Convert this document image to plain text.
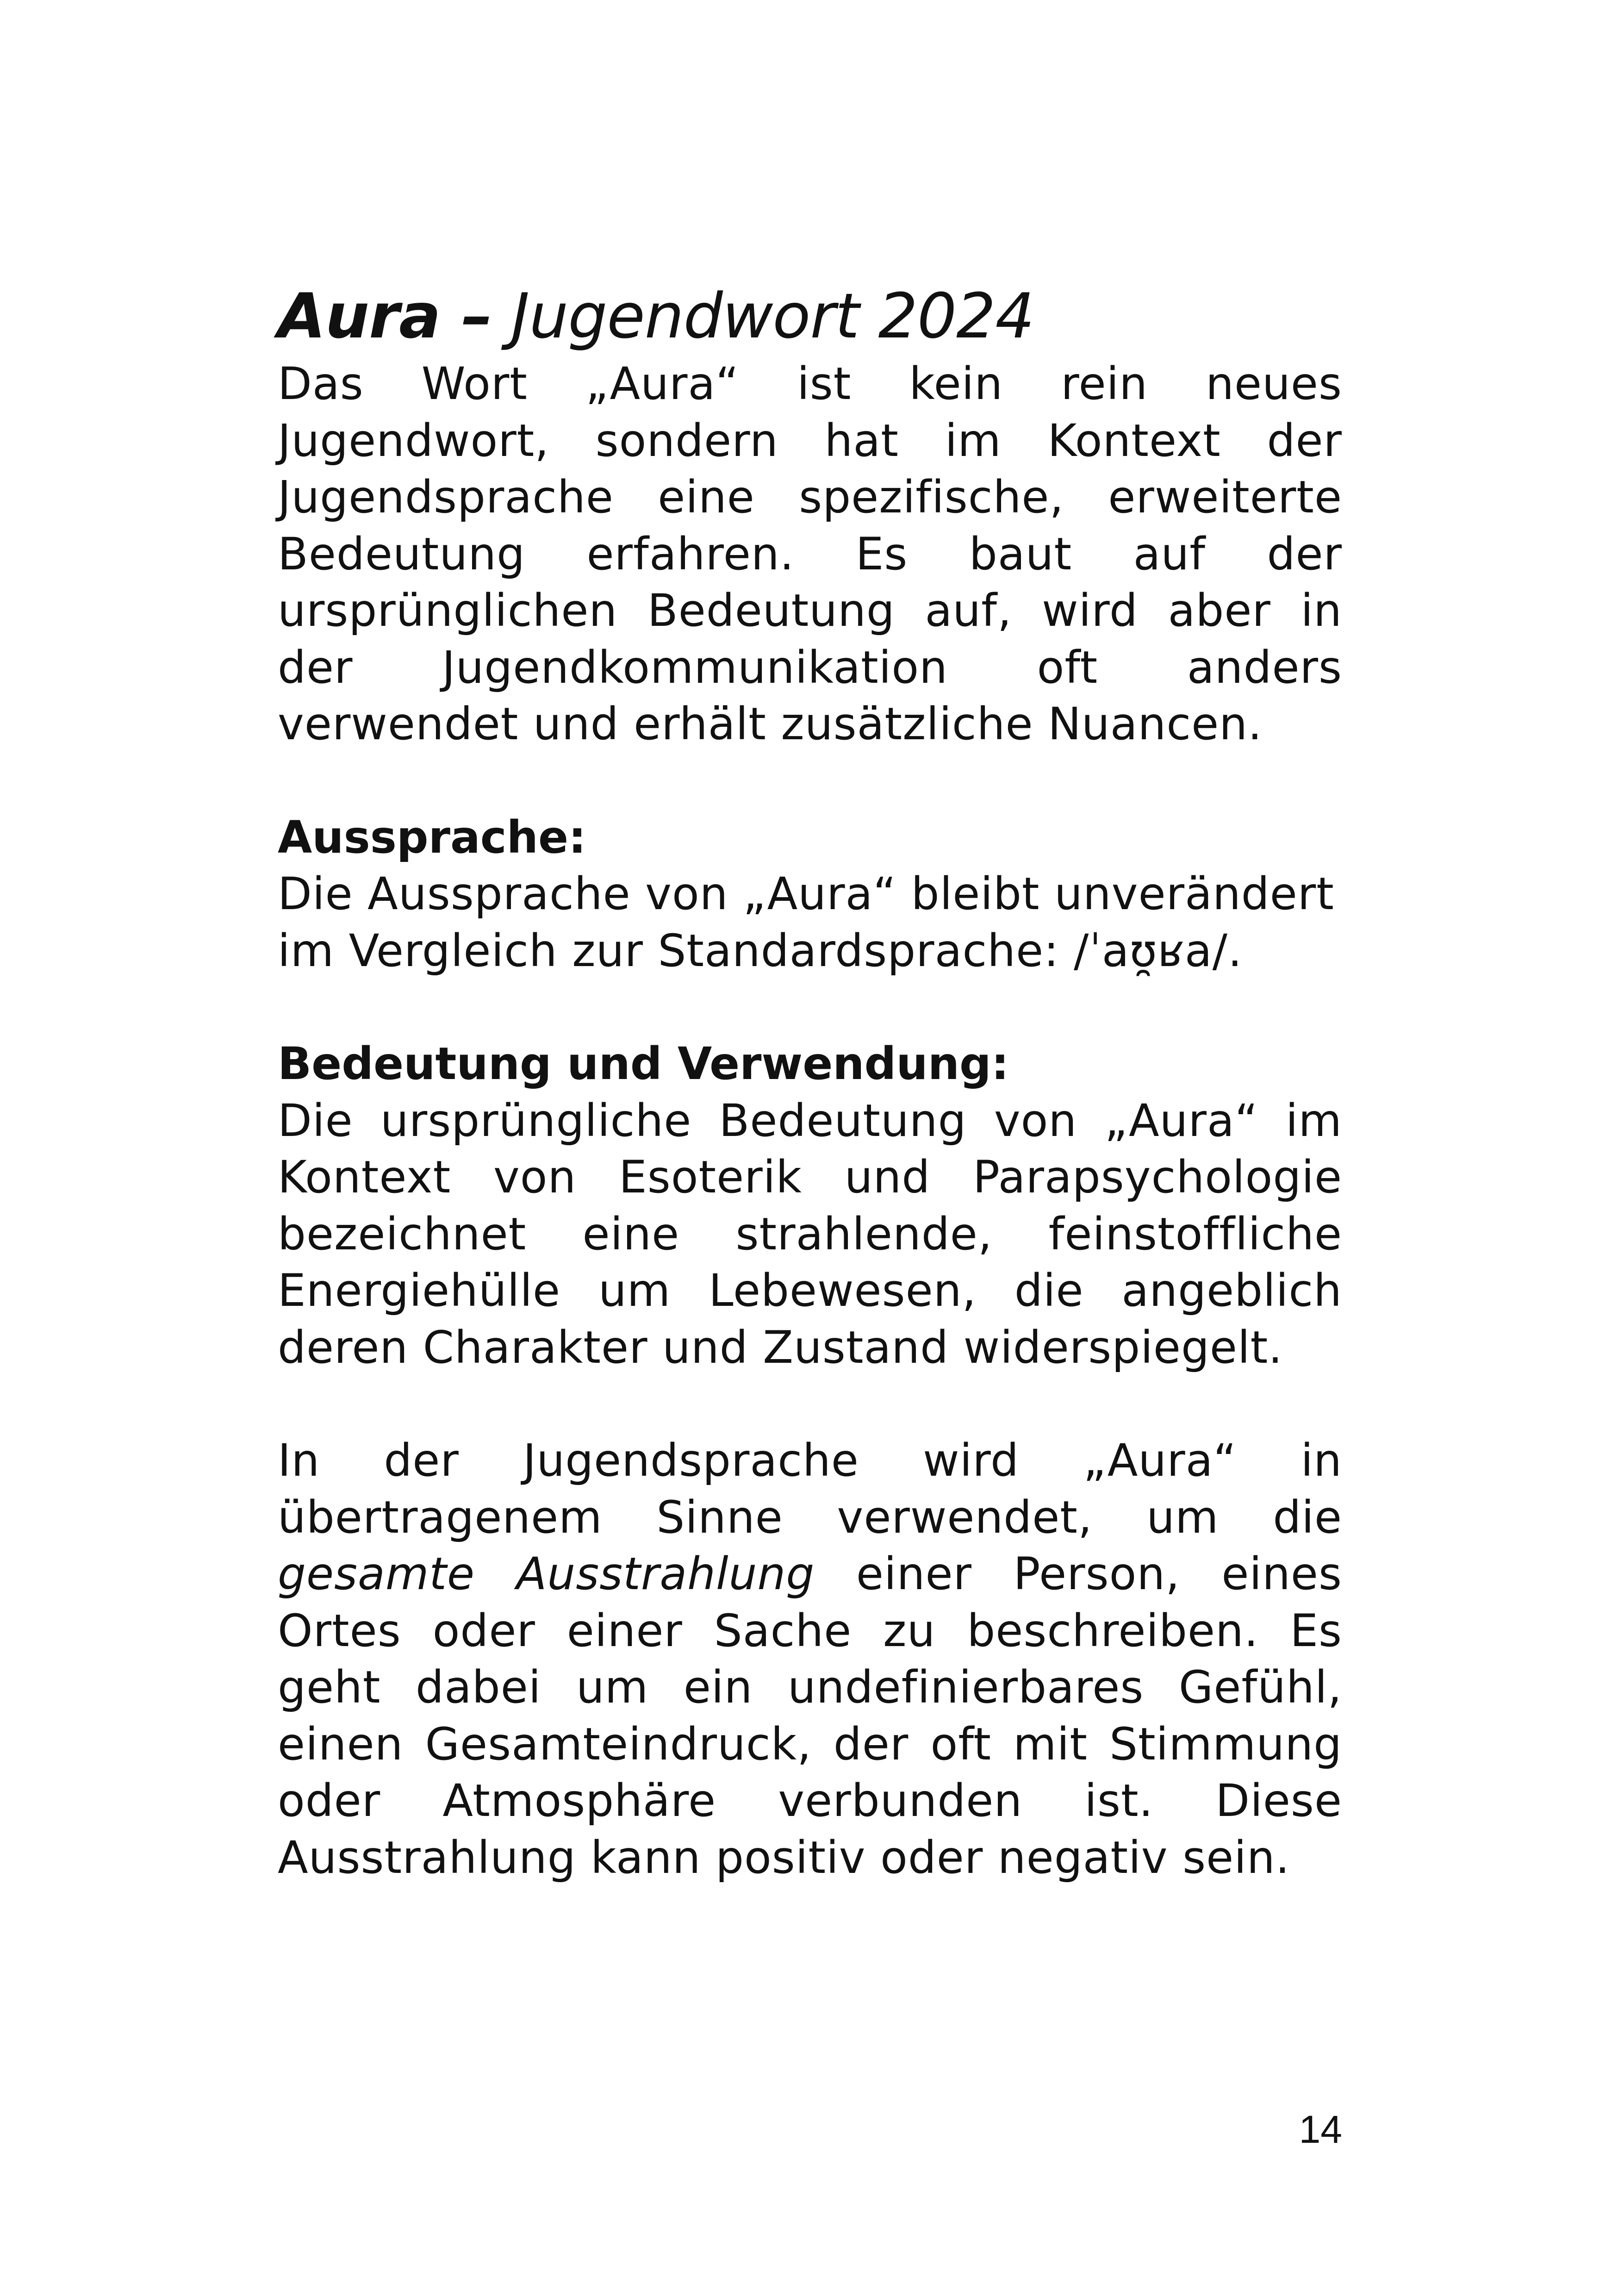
Aura – Jugendwort 2024

Das Wort „Aura“ ist kein rein neues Jugendwort, sondern hat im Kontext der Jugendsprache eine spezifische, erweiterte Bedeutung erfahren. Es baut auf der ursprünglichen Bedeutung auf, wird aber in der Jugendkommunikation oft anders verwendet und erhält zusätzliche Nuancen.

Aussprache:

Die Aussprache von „Aura“ bleibt unverändert im Vergleich zur Standardsprache: /ˈaʊ̯ʁa/.

Bedeutung und Verwendung:

Die ursprüngliche Bedeutung von „Aura“ im Kontext von Esoterik und Parapsychologie bezeichnet eine strahlende, feinstoffliche Energiehülle um Lebewesen, die angeblich deren Charakter und Zustand widerspiegelt.

In der Jugendsprache wird „Aura“ in übertragenem Sinne verwendet, um die gesamte Ausstrahlung einer Person, eines Ortes oder einer Sache zu beschreiben. Es geht dabei um ein undefinierbares Gefühl, einen Gesamteindruck, der oft mit Stimmung oder Atmosphäre verbunden ist. Diese Ausstrahlung kann positiv oder negativ sein.

14
